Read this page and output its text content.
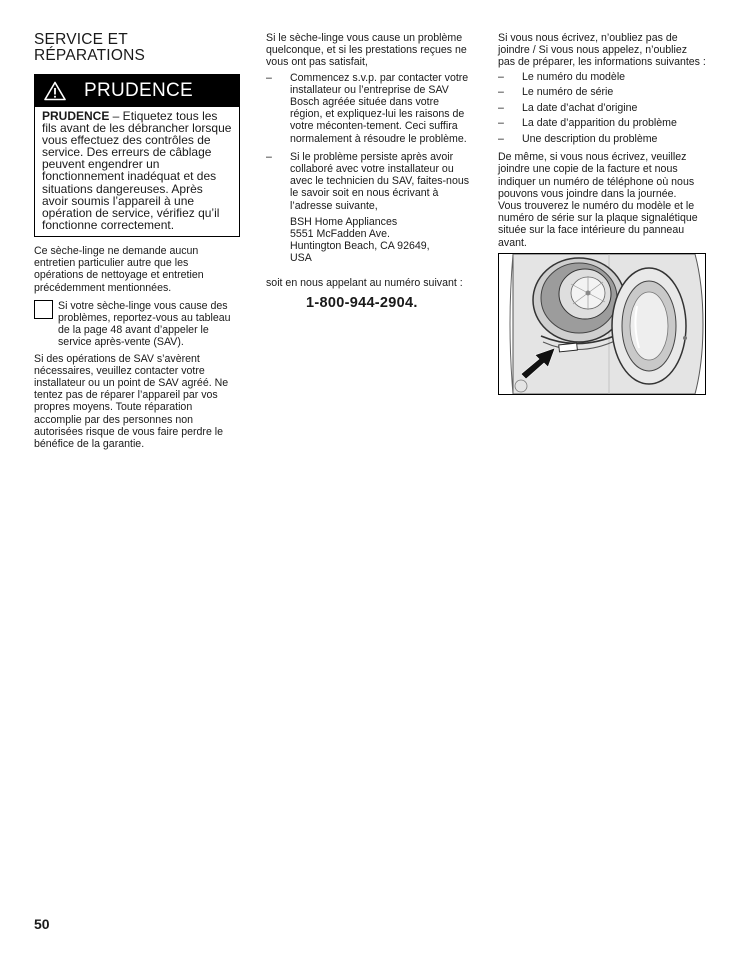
SERVICE ET
RÉPARATIONS
PRUDENCE
PRUDENCE – Etiquetez tous les fils avant de les débrancher lorsque vous effectuez des contrôles de service. Des erreurs de câblage peuvent engendrer un fonctionnement inadéquat et des situations dangereuses. Après avoir soumis l’appareil à une opération de service, vérifiez qu’il fonctionne correctement.

Ce sèche-linge ne demande aucun entretien particulier autre que les opérations de nettoyage et entretien précédemment mentionnées.

Si votre sèche-linge vous cause des problèmes, reportez-vous au tableau de la page 48 avant d’appeler le service après-vente (SAV).

Si des opérations de SAV s’avèrent nécessaires, veuillez contacter votre installateur ou un point de SAV agréé. Ne tentez pas de réparer l’appareil par vos propres moyens. Toute réparation accomplie par des personnes non autorisées risque de vous faire perdre le bénéfice de la garantie.

Si le sèche-linge vous cause un problème quelconque, et si les prestations reçues ne vous ont pas satisfait,

– Commencez s.v.p. par contacter votre installateur ou l’entreprise de SAV Bosch agréée située dans votre région, et expliquez-lui les raisons de votre méconten-tement. Ceci suffira normalement à résoudre le problème.
– Si le problème persiste après avoir collaboré avec votre installateur ou avec le technicien du SAV, faites-nous le savoir soit en nous écrivant à l’adresse suivante,
BSH Home Appliances
5551 McFadden Ave.
Huntington Beach, CA 92649,
USA

soit en nous appelant au numéro suivant :

1-800-944-2904.

Si vous nous écrivez, n’oubliez pas de joindre / Si vous nous appelez, n’oubliez pas de préparer, les informations suivantes :

– Le numéro du modèle
– Le numéro de série
– La date d’achat d’origine
– La date d’apparition du problème
– Une description du problème

De même, si vous nous écrivez, veuillez joindre une copie de la facture et nous indiquer un numéro de téléphone où nous pouvons vous joindre dans la journée.

Vous trouverez le numéro du modèle et le numéro de série sur la plaque signalétique située sur la face intérieure du panneau avant.

50
